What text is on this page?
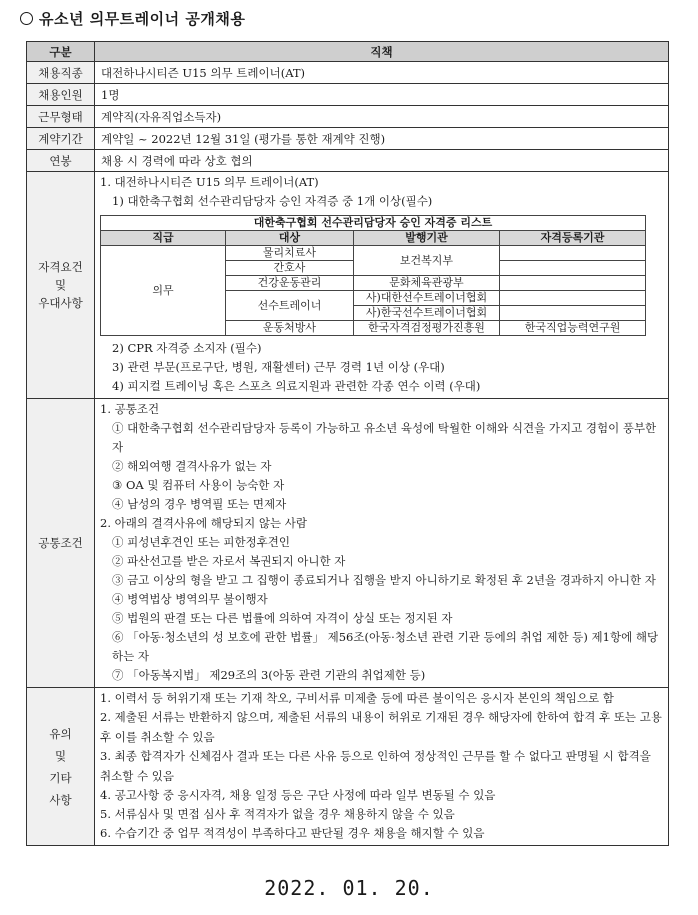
유소년 의무트레이너 공개채용
구분	직책
채용직종	대전하나시티즌 U15 의무 트레이너(AT)
채용인원	1명
근무형태	계약직(자유직업소득자)
계약기간	계약일 ~ 2022년 12월 31일 (평가를 통한 재계약 진행)
연봉	채용 시 경력에 따라 상호 협의

자격요건
및
우대사항

1. 대전하나시티즌 U15 의무 트레이너(AT)
1) 대한축구협회 선수관리담당자 승인 자격증 중 1개 이상(필수)
대한축구협회 선수관리담당자 승인 자격증 리스트
직급	대상	발행기관	자격등록기관
의무	물리치료사	보건복지부	
간호사	
건강운동관리	문화체육관광부	
선수트레이너	사)대한선수트레이너협회	
사)한국선수트레이너협회	
운동처방사	한국자격검정평가진흥원	한국직업능력연구원
2) CPR 자격증 소지자 (필수)
3) 관련 부문(프로구단, 병원, 재활센터) 근무 경력 1년 이상 (우대)
4) 피지컬 트레이닝 혹은 스포츠 의료지원과 관련한 각종 연수 이력 (우대)

공통조건	
1. 공통조건
① 대한축구협회 선수관리담당자 등록이 가능하고 유소년 육성에 탁월한 이해와 식견을 가지고 경험이 풍부한 자
② 해외여행 결격사유가 없는 자
③ OA 및 컴퓨터 사용이 능숙한 자
④ 남성의 경우 병역필 또는 면제자
2. 아래의 결격사유에 해당되지 않는 사람
① 피성년후견인 또는 피한정후견인
② 파산선고를 받은 자로서 복권되지 아니한 자
③ 금고 이상의 형을 받고 그 집행이 종료되거나 집행을 받지 아니하기로 확정된 후 2년을 경과하지 아니한 자
④ 병역법상 병역의무 불이행자
⑤ 법원의 판결 또는 다른 법률에 의하여 자격이 상실 또는 정지된 자
⑥ 「아동·청소년의 성 보호에 관한 법률」 제56조(아동·청소년 관련 기관 등에의 취업 제한 등) 제1항에 해당하는 자
⑦ 「아동복지법」 제29조의 3(아동 관련 기관의 취업제한 등)

유의
및
기타
사항

1. 이력서 등 허위기재 또는 기재 착오, 구비서류 미제출 등에 따른 불이익은 응시자 본인의 책임으로 함
2. 제출된 서류는 반환하지 않으며, 제출된 서류의 내용이 허위로 기재된 경우 해당자에 한하여 합격 후 또는 고용 후 이를 취소할 수 있음
3. 최종 합격자가 신체검사 결과 또는 다른 사유 등으로 인하여 정상적인 근무를 할 수 없다고 판명될 시 합격을 취소할 수 있음
4. 공고사항 중 응시자격, 채용 일정 등은 구단 사정에 따라 일부 변동될 수 있음
5. 서류심사 및 면접 심사 후 적격자가 없을 경우 채용하지 않을 수 있음
6. 수습기간 중 업무 적격성이 부족하다고 판단될 경우 채용을 해지할 수 있음
2022. 01. 20.
